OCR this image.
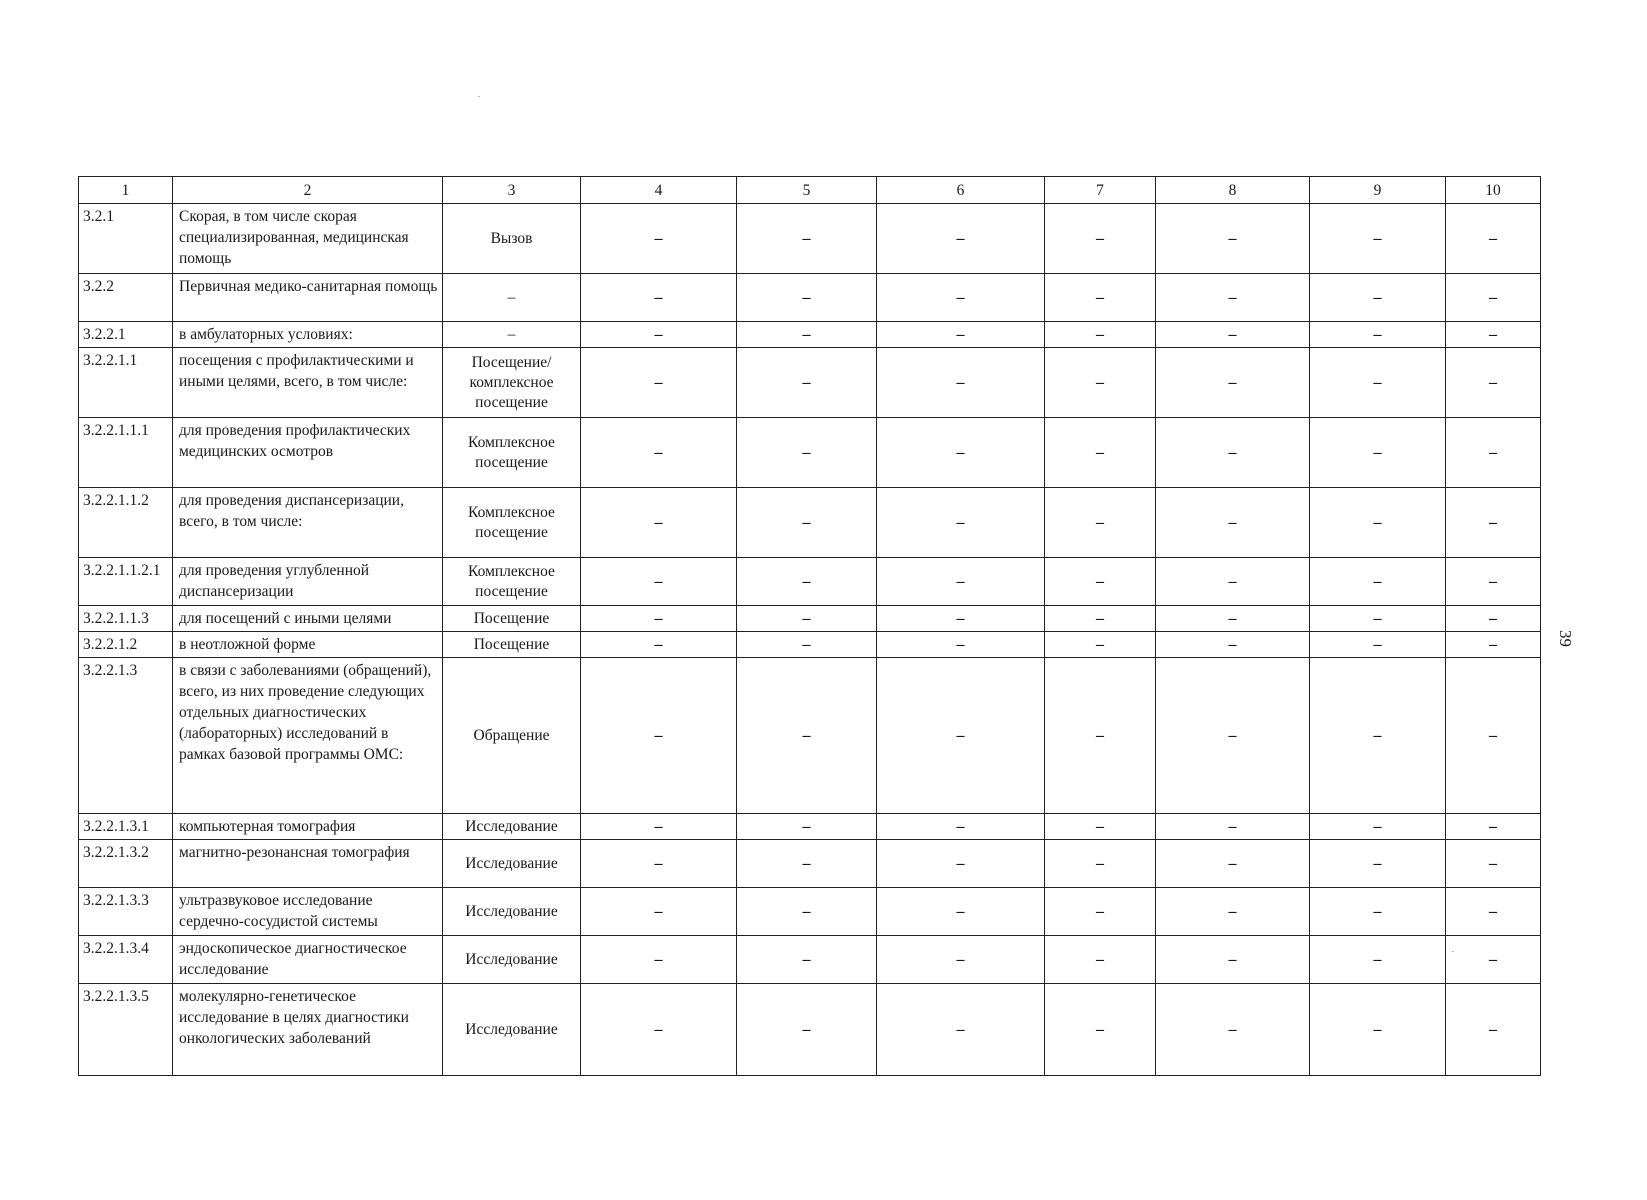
1	2	3	4	5	6	7	8	9	10
3.2.1	Скорая, в том числе скорая специализированная, медицинская помощь	Вызов	–	–	–	–	–	–	–
3.2.2	Первичная медико-санитарная помощь	–	–	–	–	–	–	–	–
3.2.2.1	в амбулаторных условиях:	–	–	–	–	–	–	–	–
3.2.2.1.1	посещения с профилактическими и иными целями, всего, в том числе:	Посещение/ комплексное посещение	–	–	–	–	–	–	–
3.2.2.1.1.1	для проведения профилактических медицинских осмотров	Комплексное посещение	–	–	–	–	–	–	–
3.2.2.1.1.2	для проведения диспансеризации, всего, в том числе:	Комплексное посещение	–	–	–	–	–	–	–
3.2.2.1.1.2.1	для проведения углубленной диспансеризации	Комплексное посещение	–	–	–	–	–	–	–
3.2.2.1.1.3	для посещений с иными целями	Посещение	–	–	–	–	–	–	–
3.2.2.1.2	в неотложной форме	Посещение	–	–	–	–	–	–	–
3.2.2.1.3	в связи с заболеваниями (обращений), всего, из них проведение следующих отдельных диагностических (лабораторных) исследований в рамках базовой программы ОМС:	Обращение	–	–	–	–	–	–	–
3.2.2.1.3.1	компьютерная томография	Исследование	–	–	–	–	–	–	–
3.2.2.1.3.2	магнитно-резонансная томография	Исследование	–	–	–	–	–	–	–
3.2.2.1.3.3	ультразвуковое исследование сердечно-сосудистой системы	Исследование	–	–	–	–	–	–	–
3.2.2.1.3.4	эндоскопическое диагностическое исследование	Исследование	–	–	–	–	–	–	–
3.2.2.1.3.5	молекулярно-генетическое исследование в целях диагностики онкологических заболеваний	Исследование	–	–	–	–	–	–	–
39
